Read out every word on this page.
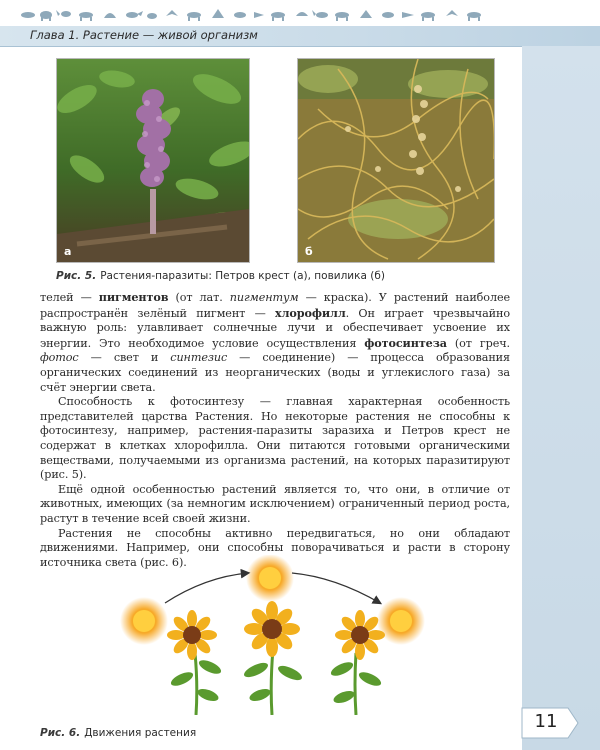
Глава 1. Растение — живой организм
а	б
Рис. 5. Растения-паразиты: Петров крест (а), повилика (б)

телей — пигментов (от лат. пигментум — краска). У растений наиболее распространён зелёный пигмент — хлорофилл. Он играет чрезвычайно важную роль: улавливает солнечные лучи и обеспечивает усвоение их энергии. Это необходимое условие осуществления фотосинтеза (от греч. фотос — свет и синтезис — соединение) — процесса образования органических соединений из неорганических (воды и углекислого газа) за счёт энергии света.

Способность к фотосинтезу — главная характерная особенность представителей царства Растения. Но некоторые растения не способны к фотосинтезу, например, растения-паразиты заразиха и Петров крест не содержат в клетках хлорофилла. Они питаются готовыми органическими веществами, получаемыми из организма растений, на которых паразитируют (рис. 5).

Ещё одной особенностью растений является то, что они, в отличие от животных, имеющих (за немногим исключением) ограниченный период роста, растут в течение всей своей жизни.

Растения не способны активно передвигаться, но они обладают движениями. Например, они способны поворачиваться и расти в сторону источника света (рис. 6).

Рис. 6. Движения растения
11
